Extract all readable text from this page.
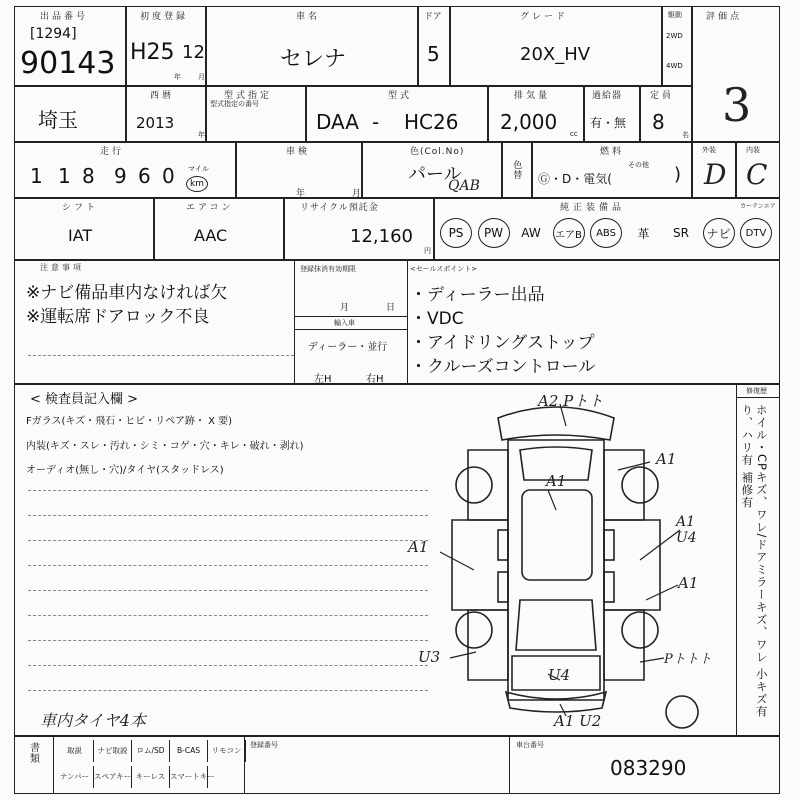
出品番号
[1294]
90143
初度登録
H25 12
年 月
車名
セレナ
ドア
5
グレード
20X_HV
駆動
2WD
4WD
評価点
3
埼玉
西暦
2013
年
型式指定
型式指定の番号
型式
DAA - HC26
排気量
2,000 cc
過給器
有・無
定員
8
名
走行
1 1 8 9 6 0 マイル
km
車検
年	月
色(Col.No)
パール
QAB
色替
燃料
Ⓖ・D・電気(
その他 )
外装
D
内装
C
シフト
IAT
エアコン
AAC
リサイクル預託金
12,160
円
純正装備品	カーテンエア
PS	PW	AW	エアB	ABS	革	SR	ナビ	DTV
注意事項
※ナビ備品車内なければ欠
※運転席ドアロック不良
登録抹消有効期限
月	日
輸入車
ディーラー・並行
左H	右H
<セールスポイント>
・ディーラー出品
・VDC
・アイドリングストップ
・クルーズコントロール
< 検査員記入欄 >
Fガラス(キズ・飛石・ヒビ・リペア跡・ X 要)
内装(キズ・スレ・汚れ・シミ・コゲ・穴・キレ・破れ・剥れ)
オーディオ(無し・穴)/タイヤ(スタッドレス)
車内タイヤ4本
A2 Pトト
A1
A1
A1 U4
A1
A1
U3
U4
Pトトト
A1 U2
修復歴
ホイル・CPキズ、ワレ/ドアミラーキズ、ワレ 小キズ有り、ハリ有 補修有
書類	取説	ナビ取説	ロム/SD	B-CAS	リモコン
ナンバー スペアキー キーレス スマートキー
登録番号	車台番号
083290
